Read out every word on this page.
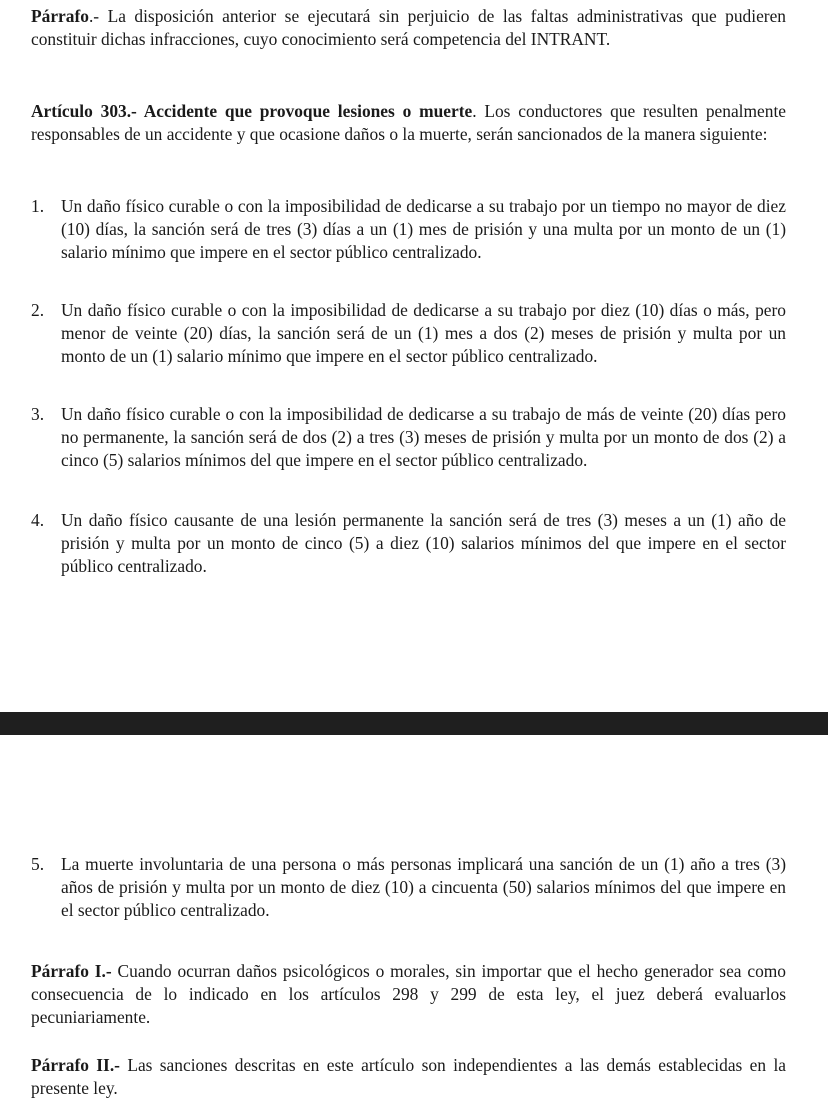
Párrafo.- La disposición anterior se ejecutará sin perjuicio de las faltas administrativas que pudieren constituir dichas infracciones, cuyo conocimiento será competencia del INTRANT.

Artículo 303.- Accidente que provoque lesiones o muerte. Los conductores que resulten penalmente responsables de un accidente y que ocasione daños o la muerte, serán sancionados de la manera siguiente:

1. Un daño físico curable o con la imposibilidad de dedicarse a su trabajo por un tiempo no mayor de diez (10) días, la sanción será de tres (3) días a un (1) mes de prisión y una multa por un monto de un (1) salario mínimo que impere en el sector público centralizado.
2. Un daño físico curable o con la imposibilidad de dedicarse a su trabajo por diez (10) días o más, pero menor de veinte (20) días, la sanción será de un (1) mes a dos (2) meses de prisión y multa por un monto de un (1) salario mínimo que impere en el sector público centralizado.
3. Un daño físico curable o con la imposibilidad de dedicarse a su trabajo de más de veinte (20) días pero no permanente, la sanción será de dos (2) a tres (3) meses de prisión y multa por un monto de dos (2) a cinco (5) salarios mínimos del que impere en el sector público centralizado.
4. Un daño físico causante de una lesión permanente la sanción será de tres (3) meses a un (1) año de prisión y multa por un monto de cinco (5) a diez (10) salarios mínimos del que impere en el sector público centralizado.
5. La muerte involuntaria de una persona o más personas implicará una sanción de un (1) año a tres (3) años de prisión y multa por un monto de diez (10) a cincuenta (50) salarios mínimos del que impere en el sector público centralizado.

Párrafo I.- Cuando ocurran daños psicológicos o morales, sin importar que el hecho generador sea como consecuencia de lo indicado en los artículos 298 y 299 de esta ley, el juez deberá evaluarlos pecuniariamente.

Párrafo II.- Las sanciones descritas en este artículo son independientes a las demás establecidas en la presente ley.
